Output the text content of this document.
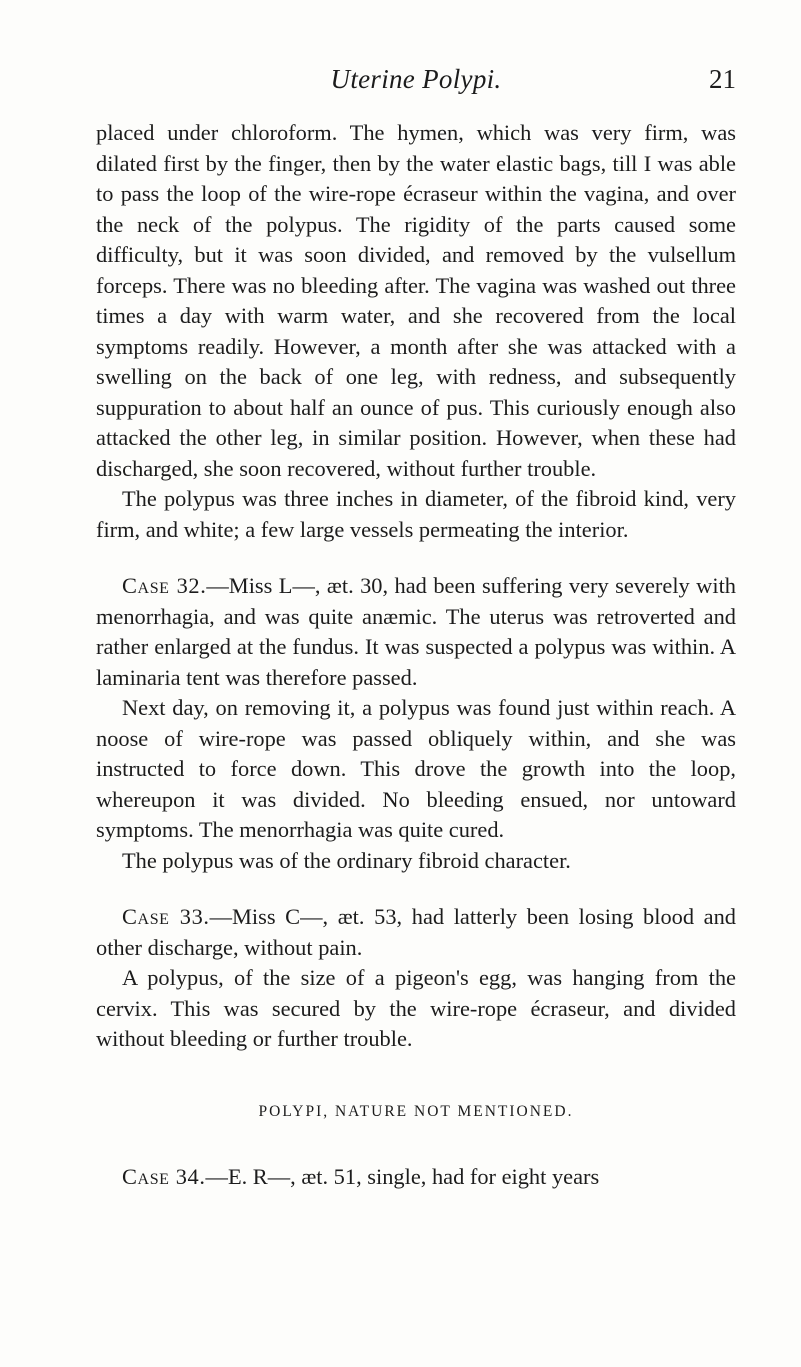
Uterine Polypi.	21

placed under chloroform. The hymen, which was very firm, was dilated first by the finger, then by the water elastic bags, till I was able to pass the loop of the wire-rope écraseur within the vagina, and over the neck of the polypus. The rigidity of the parts caused some difficulty, but it was soon divided, and removed by the vulsellum forceps. There was no bleeding after. The vagina was washed out three times a day with warm water, and she recovered from the local symptoms readily. However, a month after she was attacked with a swelling on the back of one leg, with redness, and subsequently suppuration to about half an ounce of pus. This curiously enough also attacked the other leg, in similar position. However, when these had discharged, she soon recovered, without further trouble.

The polypus was three inches in diameter, of the fibroid kind, very firm, and white; a few large vessels permeating the interior.

Case 32.—Miss L—, æt. 30, had been suffering very severely with menorrhagia, and was quite anæmic. The uterus was retroverted and rather enlarged at the fundus. It was suspected a polypus was within. A laminaria tent was therefore passed.

Next day, on removing it, a polypus was found just within reach. A noose of wire-rope was passed obliquely within, and she was instructed to force down. This drove the growth into the loop, whereupon it was divided. No bleeding ensued, nor untoward symptoms. The menorrhagia was quite cured.

The polypus was of the ordinary fibroid character.

Case 33.—Miss C—, æt. 53, had latterly been losing blood and other discharge, without pain.

A polypus, of the size of a pigeon's egg, was hanging from the cervix. This was secured by the wire-rope écraseur, and divided without bleeding or further trouble.

POLYPI, NATURE NOT MENTIONED.

Case 34.—E. R—, æt. 51, single, had for eight years
